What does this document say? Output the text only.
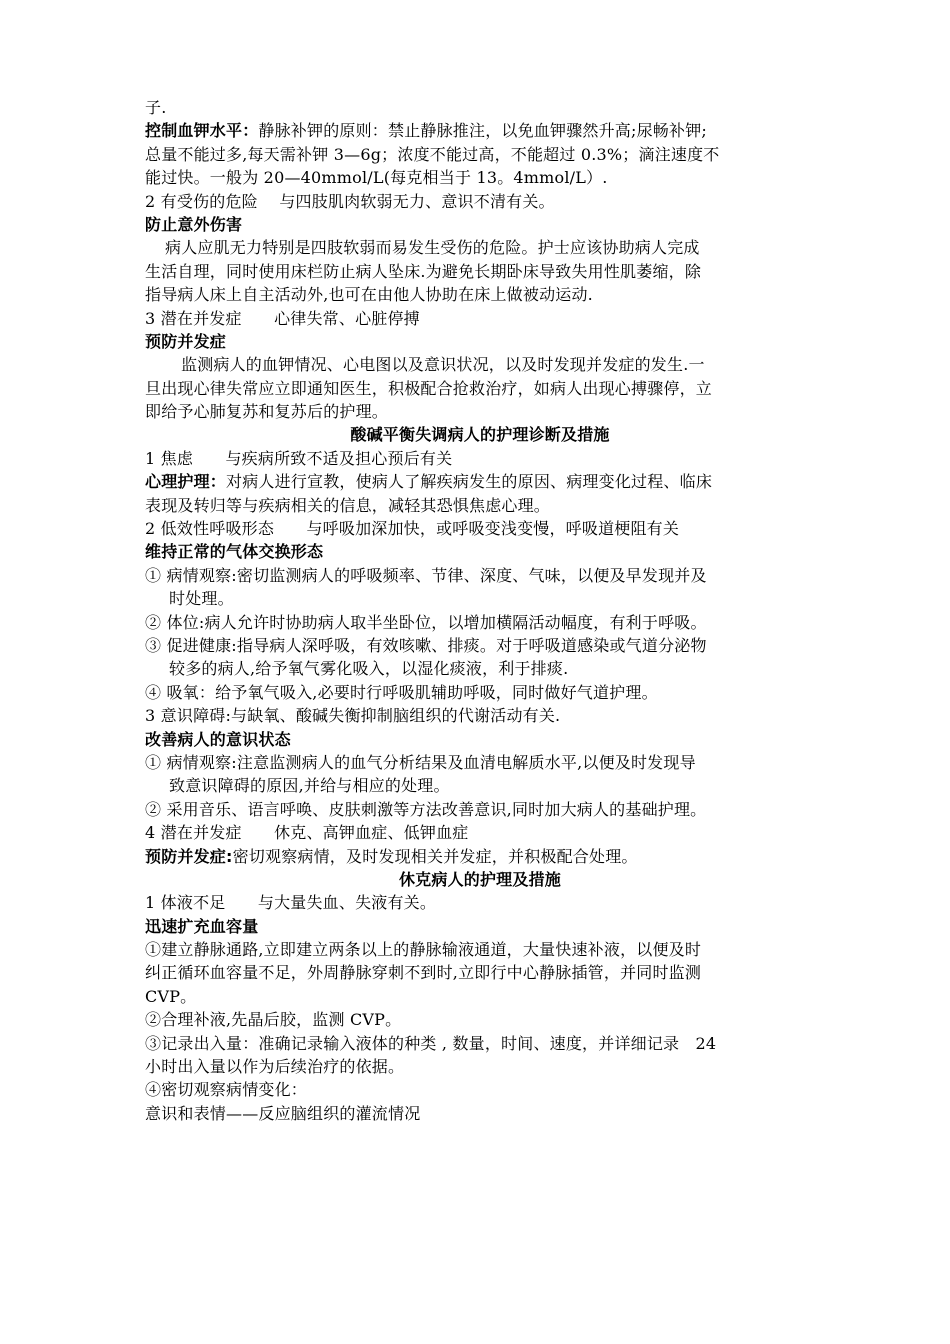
子.
控制血钾水平：静脉补钾的原则：禁止静脉推注，以免血钾骤然升高;尿畅补钾;
总量不能过多,每天需补钾 3—6g；浓度不能过高，不能超过 0.3%；滴注速度不
能过快。一般为 20—40mmol/L(每克相当于 13。4mmol/L）.
2 有受伤的危险　 与四肢肌肉软弱无力、意识不清有关。
防止意外伤害
病人应肌无力特别是四肢软弱而易发生受伤的危险。护士应该协助病人完成
生活自理，同时使用床栏防止病人坠床.为避免长期卧床导致失用性肌萎缩，除
指导病人床上自主活动外,也可在由他人协助在床上做被动运动.
3 潜在并发症　　心律失常、心脏停搏
预防并发症
监测病人的血钾情况、心电图以及意识状况，以及时发现并发症的发生.一
旦出现心律失常应立即通知医生，积极配合抢救治疗，如病人出现心搏骤停，立
即给予心肺复苏和复苏后的护理。
酸碱平衡失调病人的护理诊断及措施
1 焦虑　　与疾病所致不适及担心预后有关
心理护理：对病人进行宣教，使病人了解疾病发生的原因、病理变化过程、临床
表现及转归等与疾病相关的信息，减轻其恐惧焦虑心理。
2 低效性呼吸形态　　与呼吸加深加快，或呼吸变浅变慢，呼吸道梗阻有关
维持正常的气体交换形态
① 病情观察:密切监测病人的呼吸频率、节律、深度、气味，以便及早发现并及
时处理。
② 体位:病人允许时协助病人取半坐卧位，以增加横隔活动幅度，有利于呼吸。
③ 促进健康:指导病人深呼吸，有效咳嗽、排痰。对于呼吸道感染或气道分泌物
较多的病人,给予氧气雾化吸入，以湿化痰液，利于排痰.
④ 吸氧：给予氧气吸入,必要时行呼吸肌辅助呼吸，同时做好气道护理。
3 意识障碍:与缺氧、酸碱失衡抑制脑组织的代谢活动有关.
改善病人的意识状态
① 病情观察:注意监测病人的血气分析结果及血清电解质水平,以便及时发现导
致意识障碍的原因,并给与相应的处理。
② 采用音乐、语言呼唤、皮肤刺激等方法改善意识,同时加大病人的基础护理。
4 潜在并发症　　休克、高钾血症、低钾血症
预防并发症:密切观察病情，及时发现相关并发症，并积极配合处理。
休克病人的护理及措施
1 体液不足　　与大量失血、失液有关。
迅速扩充血容量
①建立静脉通路,立即建立两条以上的静脉输液通道，大量快速补液，以便及时
纠正循环血容量不足，外周静脉穿刺不到时,立即行中心静脉插管，并同时监测
CVP。
②合理补液,先晶后胶，监测 CVP。
③记录出入量：准确记录输入液体的种类 , 数量，时间、速度，并详细记录　24
小时出入量以作为后续治疗的依据。
④密切观察病情变化：
意识和表情——反应脑组织的灌流情况
